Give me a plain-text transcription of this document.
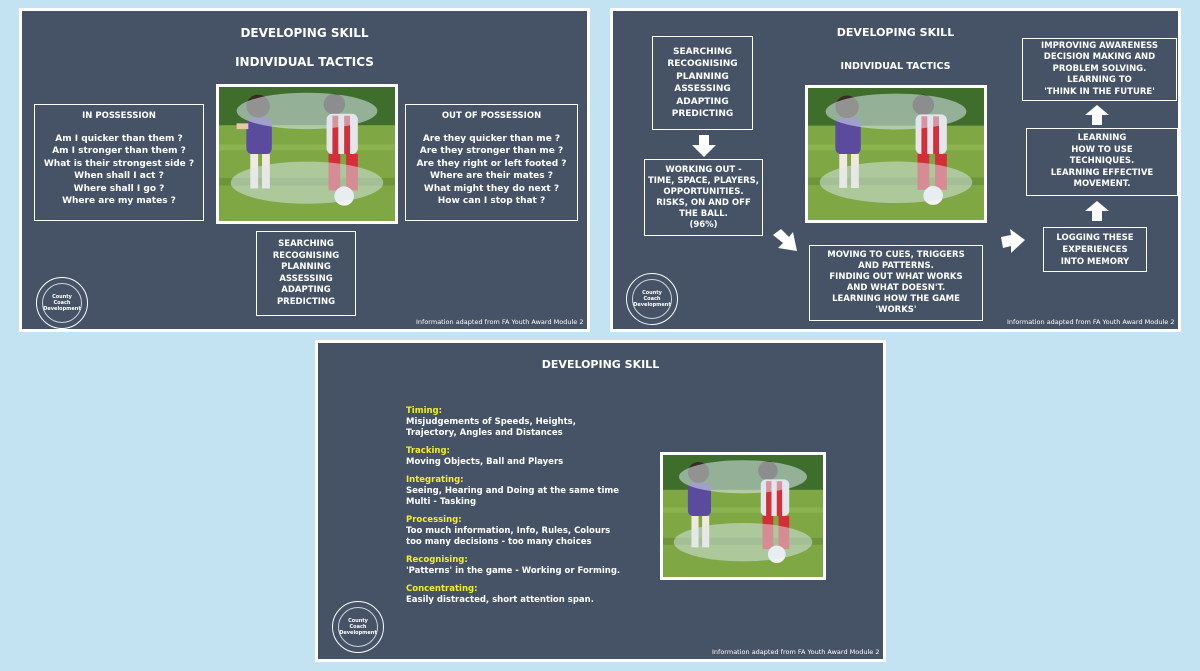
DEVELOPING SKILL
INDIVIDUAL TACTICS
IN POSSESSION
Am I quicker than them ?
Am I stronger than them ?
What is their strongest side ?
When shall I act ?
Where shall I go ?
Where are my mates ?
OUT OF POSSESSION
Are they quicker than me ?
Are they stronger than me ?
Are they right or left footed ?
Where are their mates ?
What might they do next ?
How can I stop that ?
SEARCHING
RECOGNISING
PLANNING
ASSESSING
ADAPTING
PREDICTING
County
Coach
Development
Information adapted from FA Youth Award Module 2
DEVELOPING SKILL
INDIVIDUAL TACTICS
SEARCHING
RECOGNISING
PLANNING
ASSESSING
ADAPTING
PREDICTING
WORKING OUT -
TIME, SPACE, PLAYERS,
OPPORTUNITIES.
RISKS, ON AND OFF
THE BALL.
(96%)
MOVING TO CUES, TRIGGERS
AND PATTERNS.
FINDING OUT WHAT WORKS
AND WHAT DOESN'T.
LEARNING HOW THE GAME
'WORKS'
LOGGING THESE
EXPERIENCES
INTO MEMORY
LEARNING
HOW TO USE
TECHNIQUES.
LEARNING EFFECTIVE
MOVEMENT.
IMPROVING AWARENESS
DECISION MAKING AND
PROBLEM SOLVING.
LEARNING TO
'THINK IN THE FUTURE'
County
Coach
Development
Information adapted from FA Youth Award Module 2
DEVELOPING SKILL
Timing:
Misjudgements of Speeds, Heights,
Trajectory, Angles and Distances
Tracking:
Moving Objects, Ball and Players
Integrating:
Seeing, Hearing and Doing at the same time
Multi - Tasking
Processing:
Too much information, Info, Rules, Colours
too many decisions - too many choices
Recognising:
'Patterns' in the game - Working or Forming.
Concentrating:
Easily distracted, short attention span.
County
Coach
Development
Information adapted from FA Youth Award Module 2
